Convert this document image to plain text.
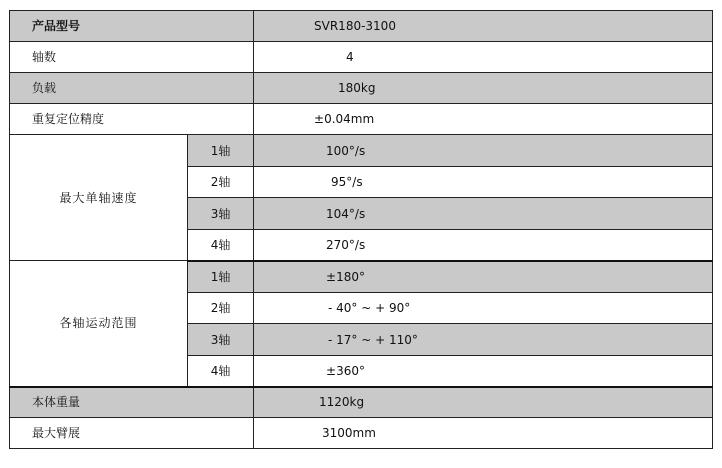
产品型号		SVR180-3100
轴数		4
负载		180kg
重复定位精度		±0.04mm
最大单轴速度	1轴	100°/s
	2轴	95°/s
	3轴	104°/s
	4轴	270°/s
各轴运动范围	1轴	±180°
	2轴	- 40° ~ + 90°
	3轴	- 17° ~ + 110°
	4轴	±360°
本体重量		1120kg
最大臂展		3100mm
